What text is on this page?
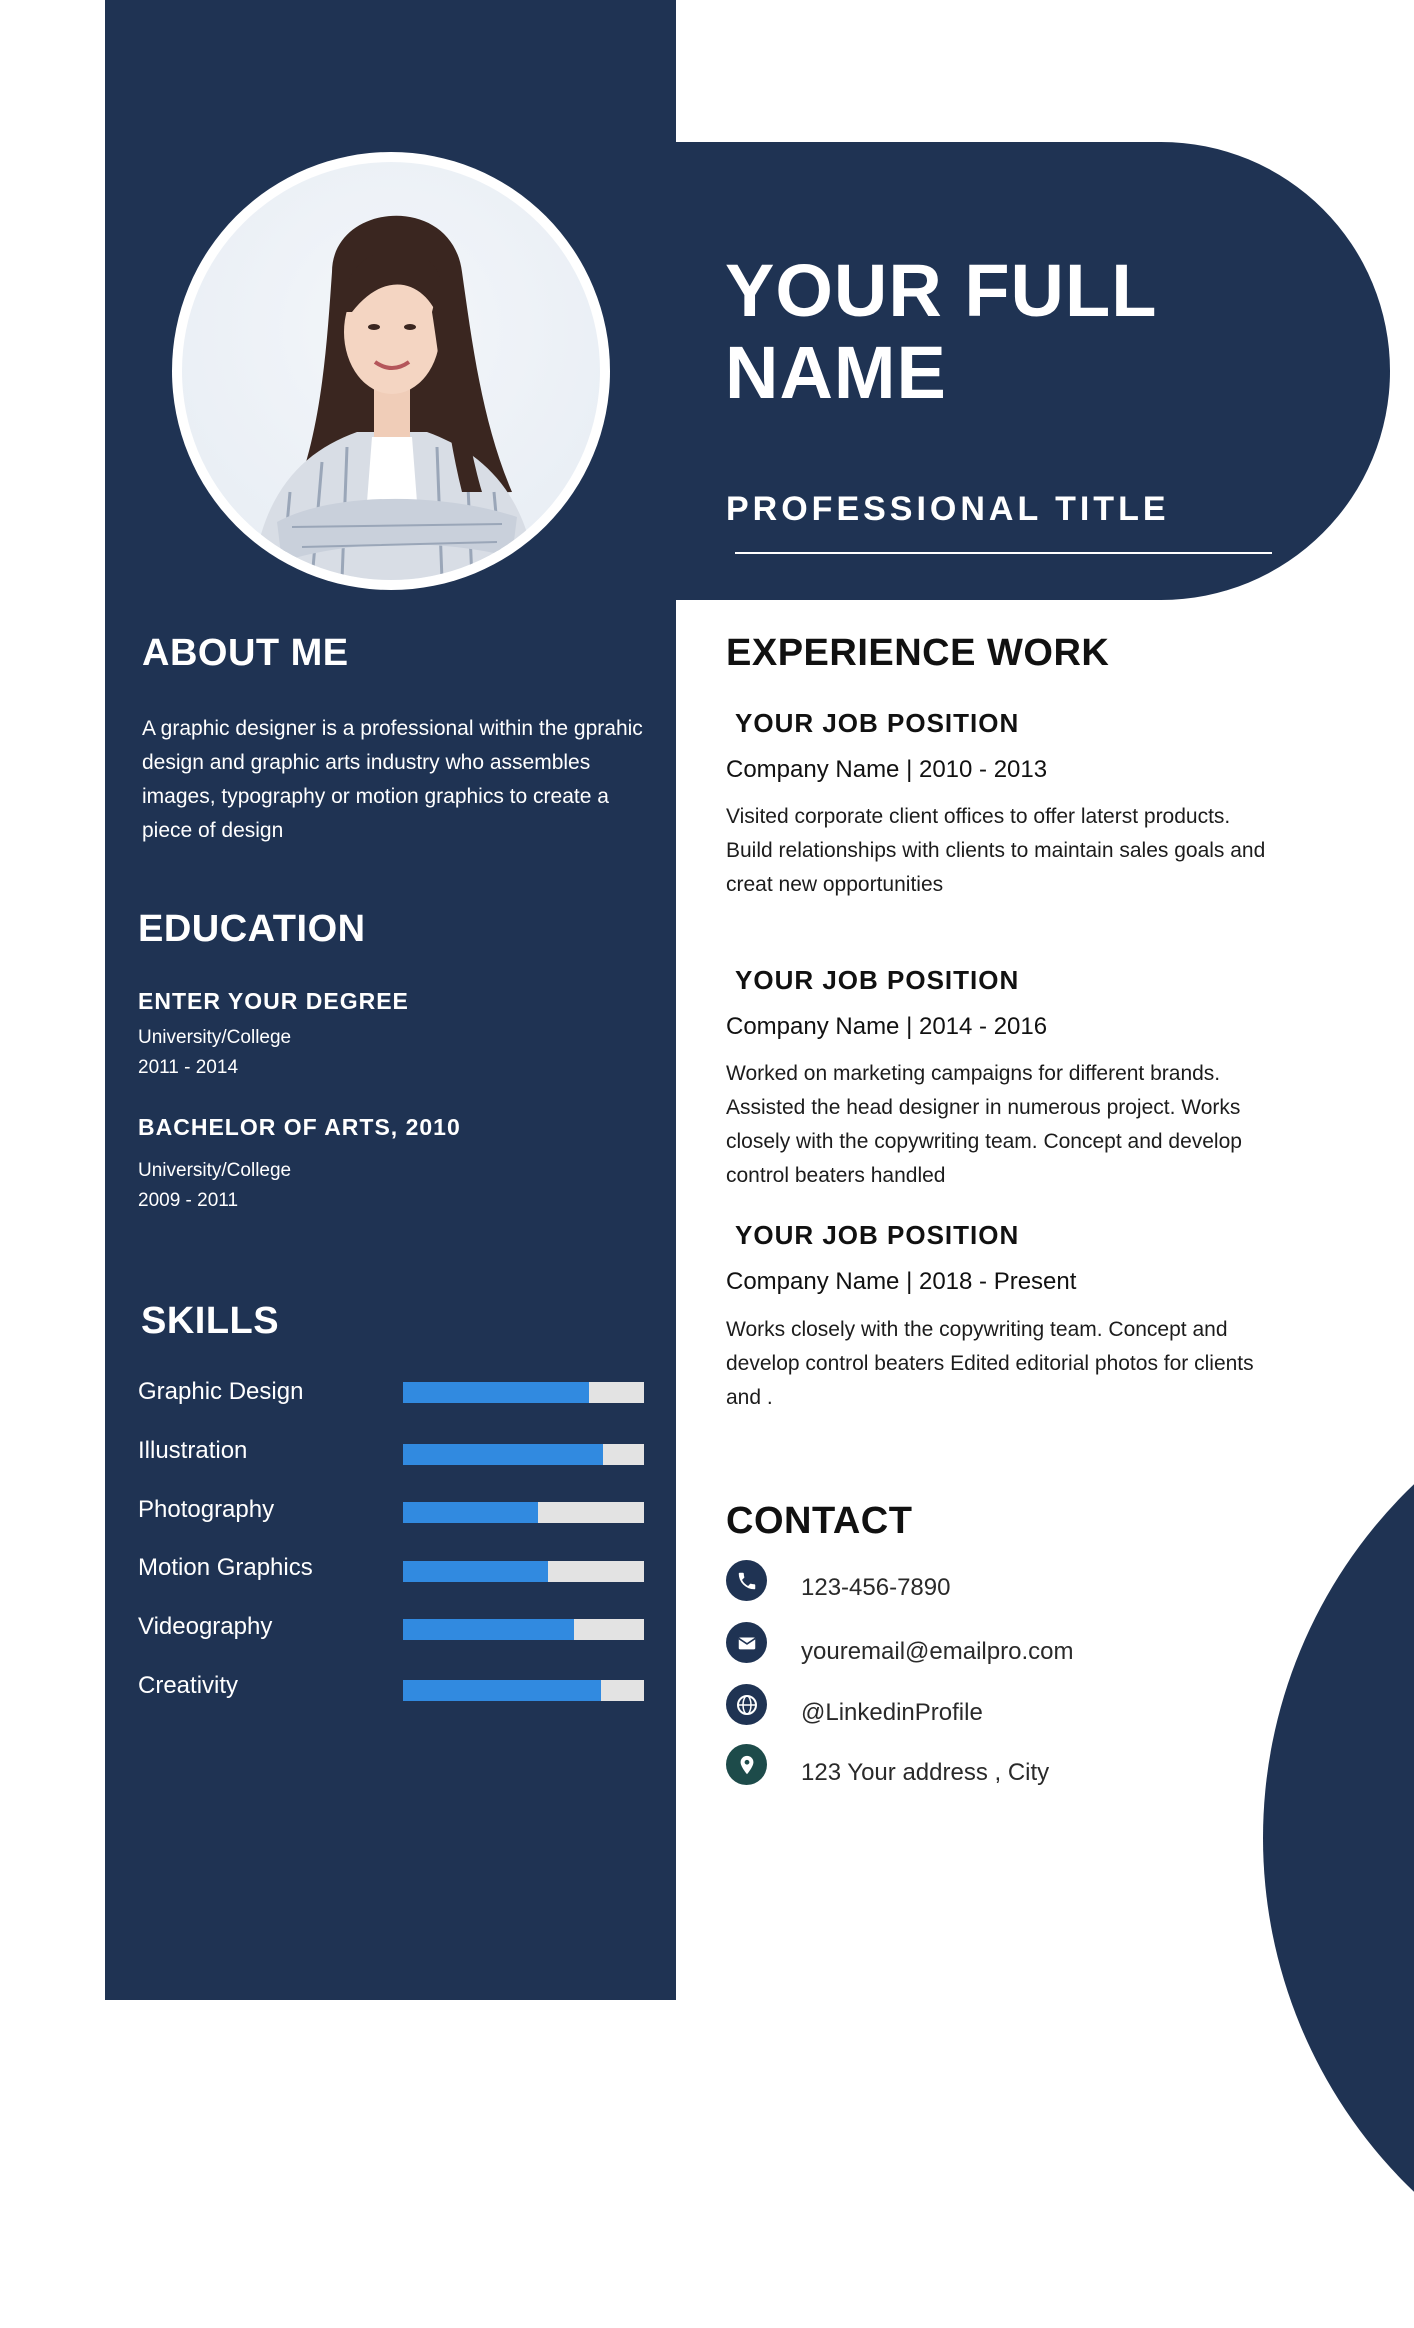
YOUR FULL NAME
PROFESSIONAL TITLE
ABOUT ME
A graphic designer is a professional within the gprahic design and graphic arts industry who assembles images, typography or motion graphics to create a piece of design
EDUCATION
ENTER YOUR DEGREE
University/College
2011 - 2014
BACHELOR OF ARTS, 2010
University/College
2009 - 2011
SKILLS
Graphic Design
Illustration
Photography
Motion Graphics
Videography
Creativity
EXPERIENCE WORK
YOUR JOB POSITION
Company Name | 2010 - 2013
Visited corporate client offices to offer laterst products. Build relationships with clients to maintain sales goals and creat new opportunities
YOUR JOB POSITION
Company Name | 2014 - 2016
Worked on marketing campaigns for different brands. Assisted the head designer in numerous project. Works closely with the copywriting team. Concept and develop control beaters handled
YOUR JOB POSITION
Company Name | 2018 - Present
Works closely with the copywriting team. Concept and develop control beaters Edited editorial photos for clients and .
CONTACT
123-456-7890
youremail@emailpro.com
@LinkedinProfile
123 Your address , City
